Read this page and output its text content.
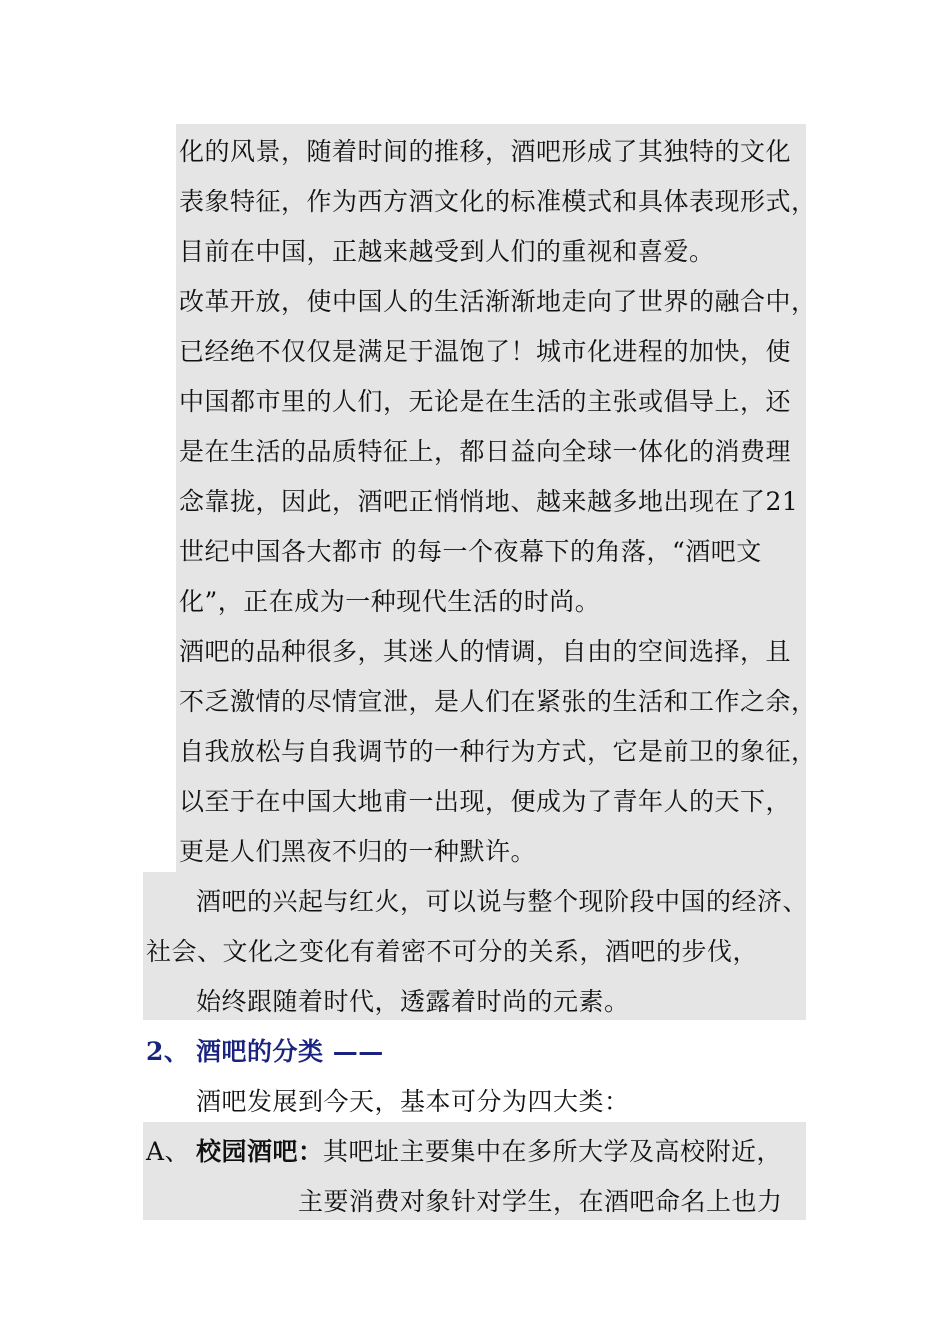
化的风景，随着时间的推移，酒吧形成了其独特的文化
表象特征，作为西方酒文化的标准模式和具体表现形式，
目前在中国，正越来越受到人们的重视和喜爱。
改革开放，使中国人的生活渐渐地走向了世界的融合中，
已经绝不仅仅是满足于温饱了！城市化进程的加快，使
中国都市里的人们，无论是在生活的主张或倡导上，还
是在生活的品质特征上，都日益向全球一体化的消费理
念靠拢，因此，酒吧正悄悄地、越来越多地出现在了21
世纪中国各大都市 的每一个夜幕下的角落，“酒吧文
化”，正在成为一种现代生活的时尚。
酒吧的品种很多，其迷人的情调，自由的空间选择，且
不乏激情的尽情宣泄，是人们在紧张的生活和工作之余，
自我放松与自我调节的一种行为方式，它是前卫的象征，
以至于在中国大地甫一出现，便成为了青年人的天下，
更是人们黑夜不归的一种默许。
酒吧的兴起与红火，可以说与整个现阶段中国的经济、
社会、文化之变化有着密不可分的关系，酒吧的步伐，
始终跟随着时代，透露着时尚的元素。
2、 酒吧的分类 ——
酒吧发展到今天，基本可分为四大类：
A、 校园酒吧： 其吧址主要集中在多所大学及高校附近，
主要消费对象针对学生，在酒吧命名上也力
